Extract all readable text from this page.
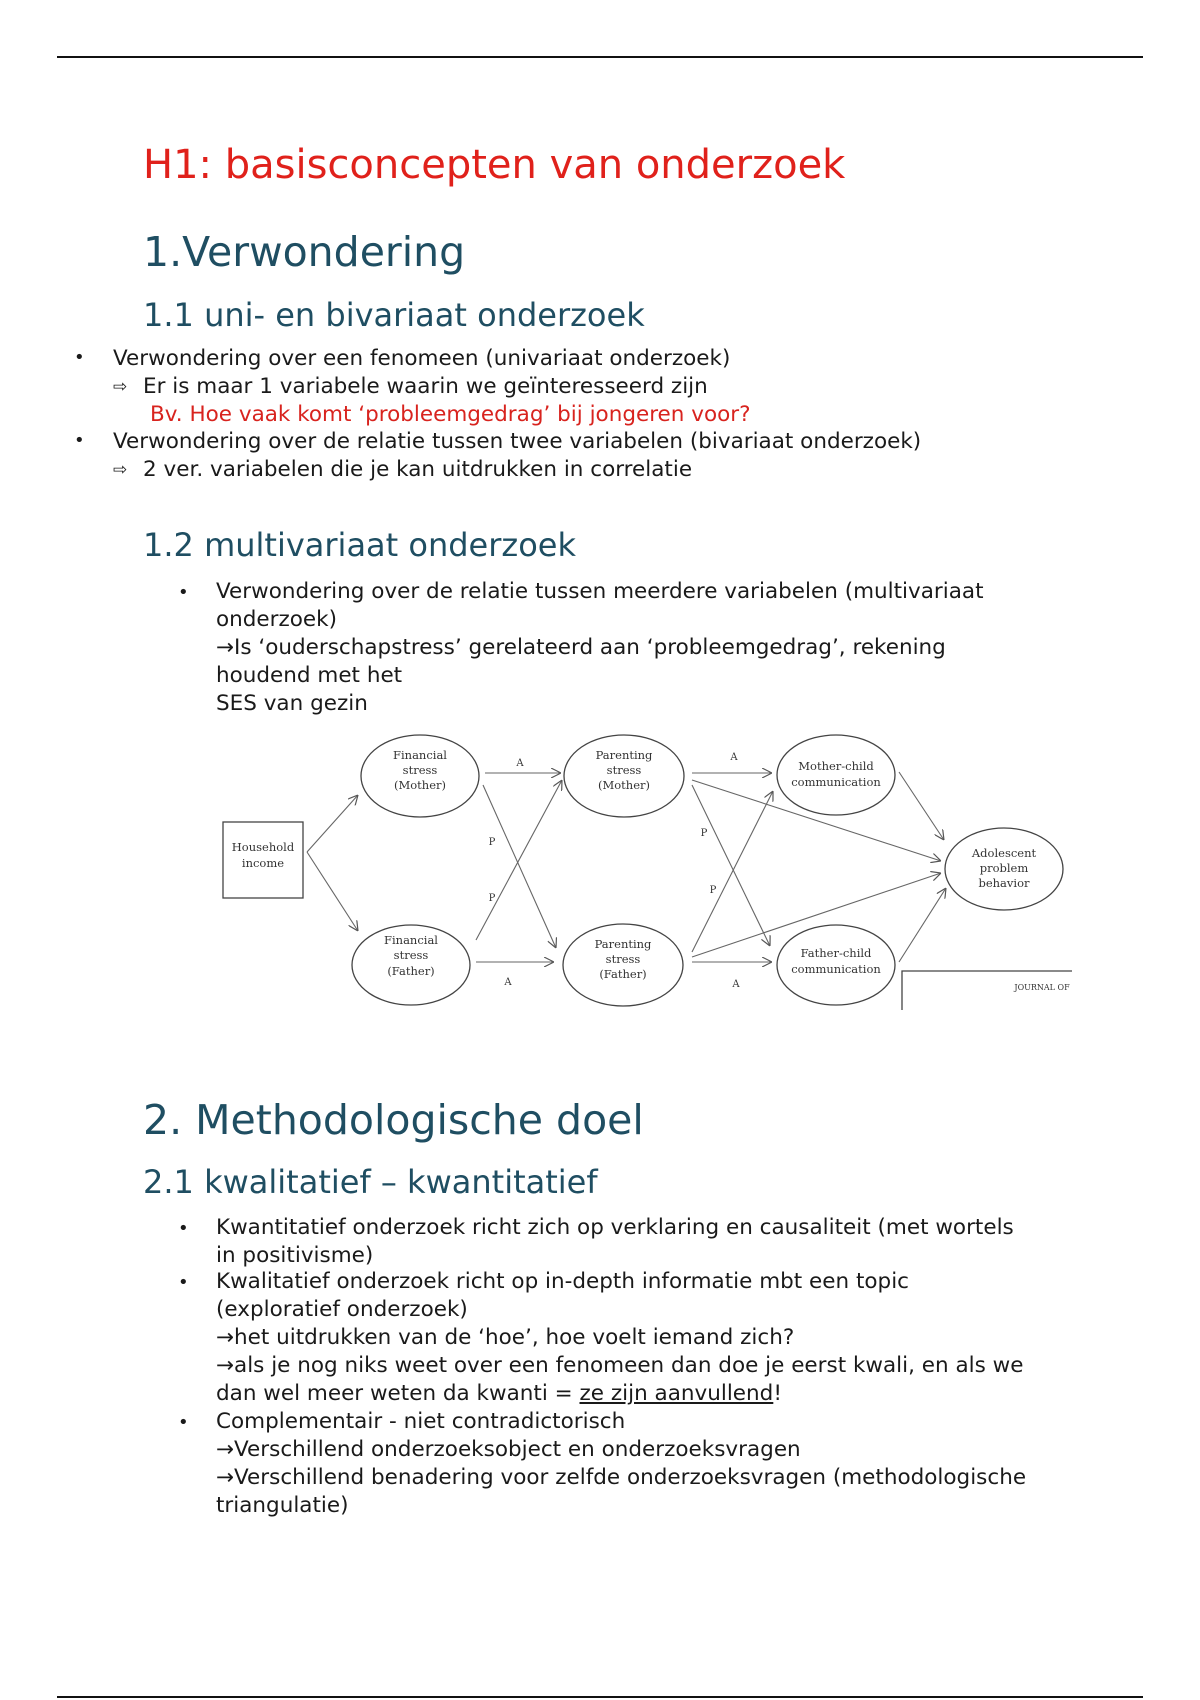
H1: basisconcepten van onderzoek
1.Verwondering
1.1 uni- en bivariaat onderzoek
• Verwondering over een fenomeen (univariaat onderzoek)
⇨ Er is maar 1 variabele waarin we geïnteresseerd zijn
Bv. Hoe vaak komt ‘probleemgedrag’ bij jongeren voor?
• Verwondering over de relatie tussen twee variabelen (bivariaat onderzoek)
⇨ 2 ver. variabelen die je kan uitdrukken in correlatie
1.2 multivariaat onderzoek
• Verwondering over de relatie tussen meerdere variabelen (multivariaat
onderzoek)
→Is ‘ouderschapstress’ gerelateerd aan ‘probleemgedrag’, rekening
houdend met het
SES van gezin
Household
income
Financial
stress
(Mother)
Financial
stress
(Father)
Parenting
stress
(Mother)
Parenting
stress
(Father)
Mother-child
communication
Father-child
communication
Adolescent
problem
behavior
A
A
A
A
P
P
P
P
JOURNAL OF
2. Methodologische doel
2.1 kwalitatief – kwantitatief
• Kwantitatief onderzoek richt zich op verklaring en causaliteit (met wortels
in positivisme)
• Kwalitatief onderzoek richt op in-depth informatie mbt een topic
(exploratief onderzoek)
→het uitdrukken van de ‘hoe’, hoe voelt iemand zich?
→als je nog niks weet over een fenomeen dan doe je eerst kwali, en als we
dan wel meer weten da kwanti = ze zijn aanvullend!
• Complementair - niet contradictorisch
→Verschillend onderzoeksobject en onderzoeksvragen
→Verschillend benadering voor zelfde onderzoeksvragen (methodologische
triangulatie)
